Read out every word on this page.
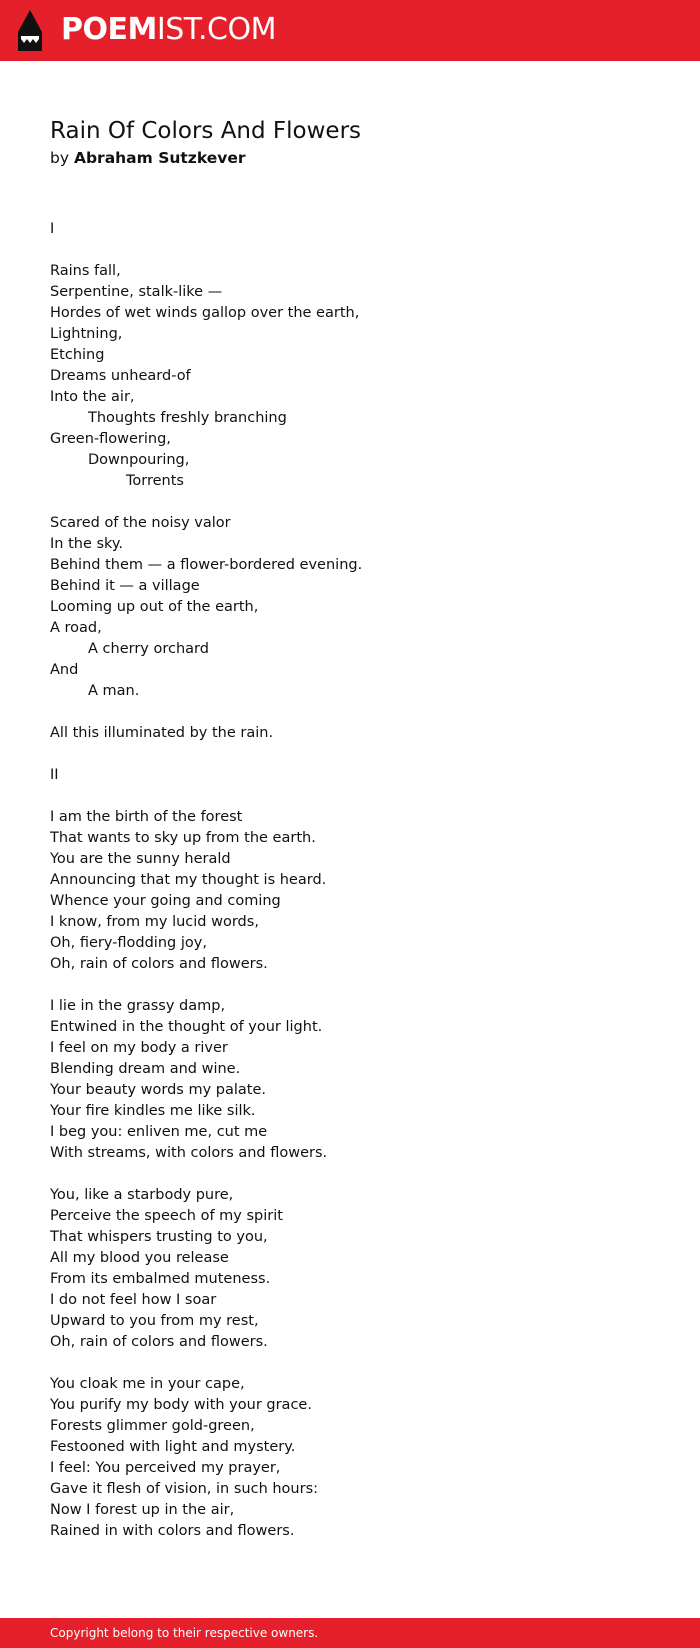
POEMIST.COM
Rain Of Colors And Flowers
by Abraham Sutzkever
I
Rains fall,
Serpentine, stalk-like —
Hordes of wet winds gallop over the earth,
Lightning,
Etching
Dreams unheard-of
Into the air,
Thoughts freshly branching
Green-flowering,
Downpouring,
Torrents
Scared of the noisy valor
In the sky.
Behind them — a flower-bordered evening.
Behind it — a village
Looming up out of the earth,
A road,
A cherry orchard
And
A man.
All this illuminated by the rain.
II
I am the birth of the forest
That wants to sky up from the earth.
You are the sunny herald
Announcing that my thought is heard.
Whence your going and coming
I know, from my lucid words,
Oh, fiery-flodding joy,
Oh, rain of colors and flowers.
I lie in the grassy damp,
Entwined in the thought of your light.
I feel on my body a river
Blending dream and wine.
Your beauty words my palate.
Your fire kindles me like silk.
I beg you: enliven me, cut me
With streams, with colors and flowers.
You, like a starbody pure,
Perceive the speech of my spirit
That whispers trusting to you,
All my blood you release
From its embalmed muteness.
I do not feel how I soar
Upward to you from my rest,
Oh, rain of colors and flowers.
You cloak me in your cape,
You purify my body with your grace.
Forests glimmer gold-green,
Festooned with light and mystery.
I feel: You perceived my prayer,
Gave it flesh of vision, in such hours:
Now I forest up in the air,
Rained in with colors and flowers.
Copyright belong to their respective owners.
